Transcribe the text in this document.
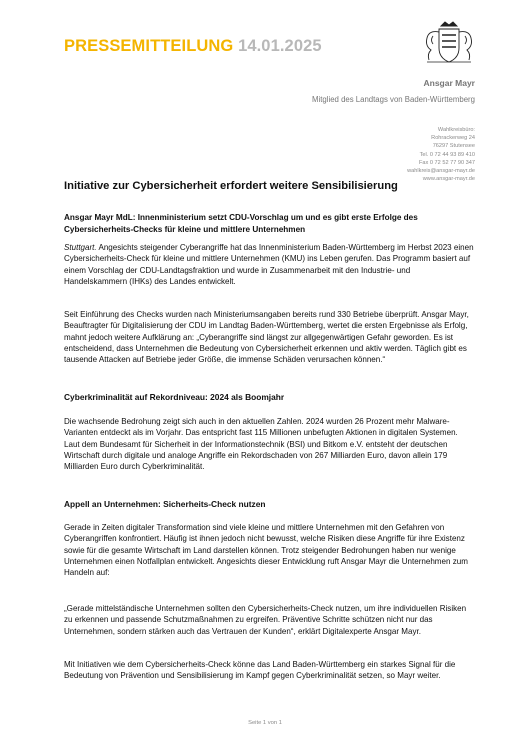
PRESSEMITTEILUNG 14.01.2025
Ansgar Mayr
Mitglied des Landtags von Baden-Württemberg
Wahlkreisbüro:
Rohrackerweg 24
76297 Stutensee
Tel. 0 72 44 93 89 410
Fax 0 72 52 77 90 347
wahlkreis@ansgar-mayr.de
www.ansgar-mayr.de
Initiative zur Cybersicherheit erfordert weitere Sensibilisierung
Ansgar Mayr MdL: Innenministerium setzt CDU-Vorschlag um und es gibt erste Erfolge des Cybersicherheits-Checks für kleine und mittlere Unternehmen

Stuttgart. Angesichts steigender Cyberangriffe hat das Innenministerium Baden-Württemberg im Herbst 2023 einen Cybersicherheits-Check für kleine und mittlere Unternehmen (KMU) ins Leben gerufen. Das Programm basiert auf einem Vorschlag der CDU-Landtagsfraktion und wurde in Zusammenarbeit mit den Industrie- und Handelskammern (IHKs) des Landes entwickelt.

Seit Einführung des Checks wurden nach Ministeriumsangaben bereits rund 330 Betriebe überprüft. Ansgar Mayr, Beauftragter für Digitalisierung der CDU im Landtag Baden-Württemberg, wertet die ersten Ergebnisse als Erfolg, mahnt jedoch weitere Aufklärung an: „Cyberangriffe sind längst zur allgegenwärtigen Gefahr geworden. Es ist entscheidend, dass Unternehmen die Bedeutung von Cybersicherheit erkennen und aktiv werden. Täglich gibt es tausende Attacken auf Betriebe jeder Größe, die immense Schäden verursachen können.“

Cyberkriminalität auf Rekordniveau: 2024 als Boomjahr

Die wachsende Bedrohung zeigt sich auch in den aktuellen Zahlen. 2024 wurden 26 Prozent mehr Malware-Varianten entdeckt als im Vorjahr. Das entspricht fast 115 Millionen unbefugten Aktionen in digitalen Systemen. Laut dem Bundesamt für Sicherheit in der Informationstechnik (BSI) und Bitkom e.V. entsteht der deutschen Wirtschaft durch digitale und analoge Angriffe ein Rekordschaden von 267 Milliarden Euro, davon allein 179 Milliarden Euro durch Cyberkriminalität.

Appell an Unternehmen: Sicherheits-Check nutzen

Gerade in Zeiten digitaler Transformation sind viele kleine und mittlere Unternehmen mit den Gefahren von Cyberangriffen konfrontiert. Häufig ist ihnen jedoch nicht bewusst, welche Risiken diese Angriffe für ihre Existenz sowie für die gesamte Wirtschaft im Land darstellen können. Trotz steigender Bedrohungen haben nur wenige Unternehmen einen Notfallplan entwickelt. Angesichts dieser Entwicklung ruft Ansgar Mayr die Unternehmen zum Handeln auf:

„Gerade mittelständische Unternehmen sollten den Cybersicherheits-Check nutzen, um ihre individuellen Risiken zu erkennen und passende Schutzmaßnahmen zu ergreifen. Präventive Schritte schützen nicht nur das Unternehmen, sondern stärken auch das Vertrauen der Kunden“, erklärt Digitalexperte Ansgar Mayr.

Mit Initiativen wie dem Cybersicherheits-Check könne das Land Baden-Württemberg ein starkes Signal für die Bedeutung von Prävention und Sensibilisierung im Kampf gegen Cyberkriminalität setzen, so Mayr weiter.

Seite 1 von 1
